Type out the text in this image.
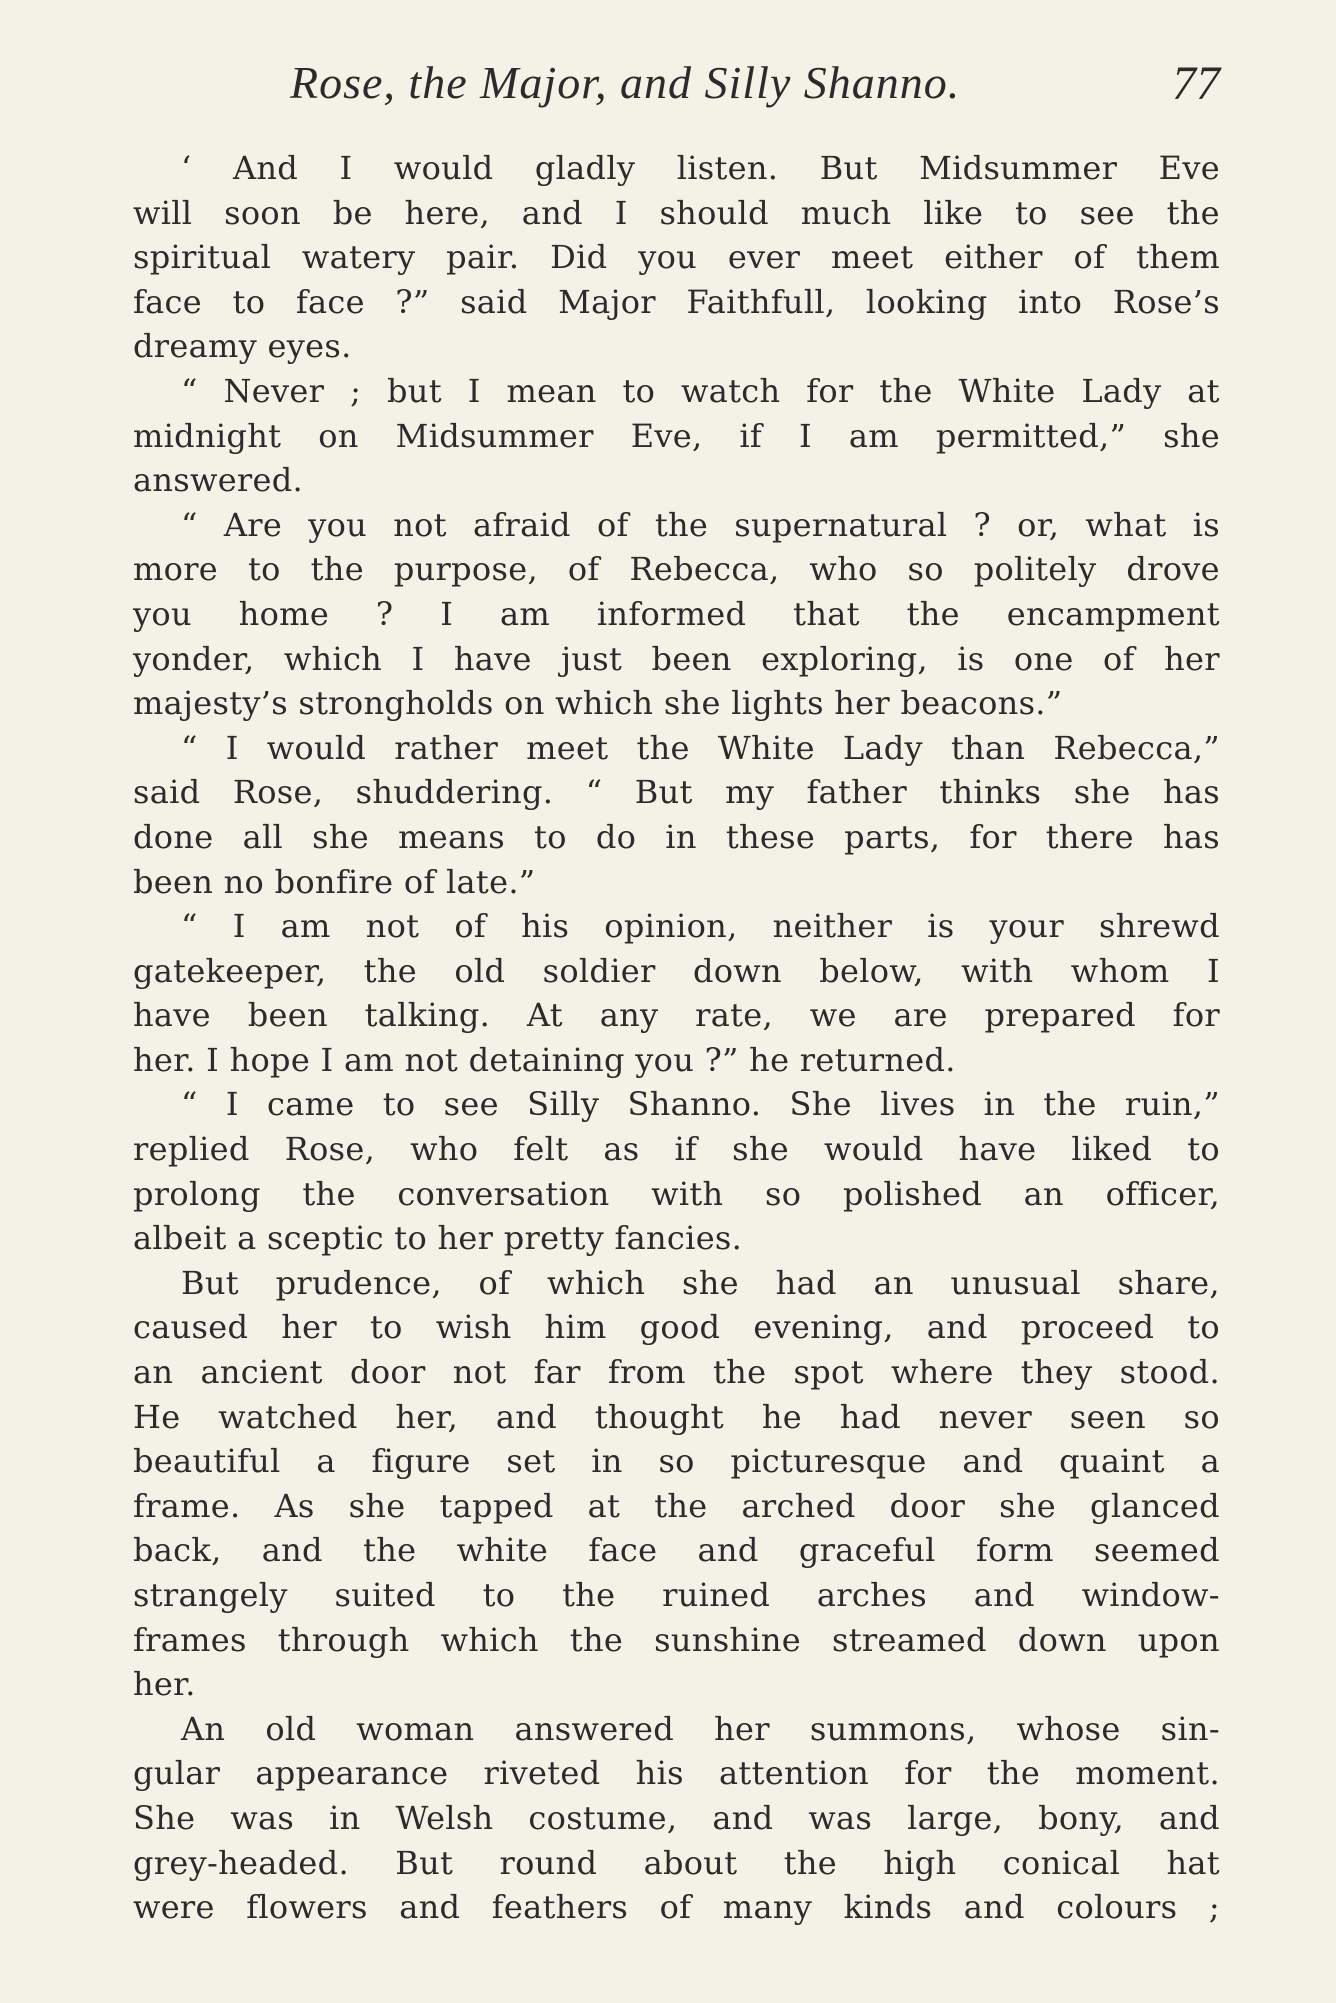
Rose, the Major, and Silly Shanno.	77
‘ And I would gladly listen. But Midsummer Eve
will soon be here, and I should much like to see the
spiritual watery pair. Did you ever meet either of them
face to face ?” said Major Faithfull, looking into Rose’s
dreamy eyes.
“ Never ; but I mean to watch for the White Lady at
midnight on Midsummer Eve, if I am permitted,” she
answered.
“ Are you not afraid of the supernatural ? or, what is
more to the purpose, of Rebecca, who so politely drove
you home ? I am informed that the encampment
yonder, which I have just been exploring, is one of her
majesty’s strongholds on which she lights her beacons.”
“ I would rather meet the White Lady than Rebecca,”
said Rose, shuddering. “ But my father thinks she has
done all she means to do in these parts, for there has
been no bonfire of late.”
“ I am not of his opinion, neither is your shrewd
gatekeeper, the old soldier down below, with whom I
have been talking. At any rate, we are prepared for
her. I hope I am not detaining you ?” he returned.
“ I came to see Silly Shanno. She lives in the ruin,”
replied Rose, who felt as if she would have liked to
prolong the conversation with so polished an officer,
albeit a sceptic to her pretty fancies.
But prudence, of which she had an unusual share,
caused her to wish him good evening, and proceed to
an ancient door not far from the spot where they stood.
He watched her, and thought he had never seen so
beautiful a figure set in so picturesque and quaint a
frame. As she tapped at the arched door she glanced
back, and the white face and graceful form seemed
strangely suited to the ruined arches and window-
frames through which the sunshine streamed down upon
her.
An old woman answered her summons, whose sin-
gular appearance riveted his attention for the moment.
She was in Welsh costume, and was large, bony, and
grey-headed. But round about the high conical hat
were flowers and feathers of many kinds and colours ;
